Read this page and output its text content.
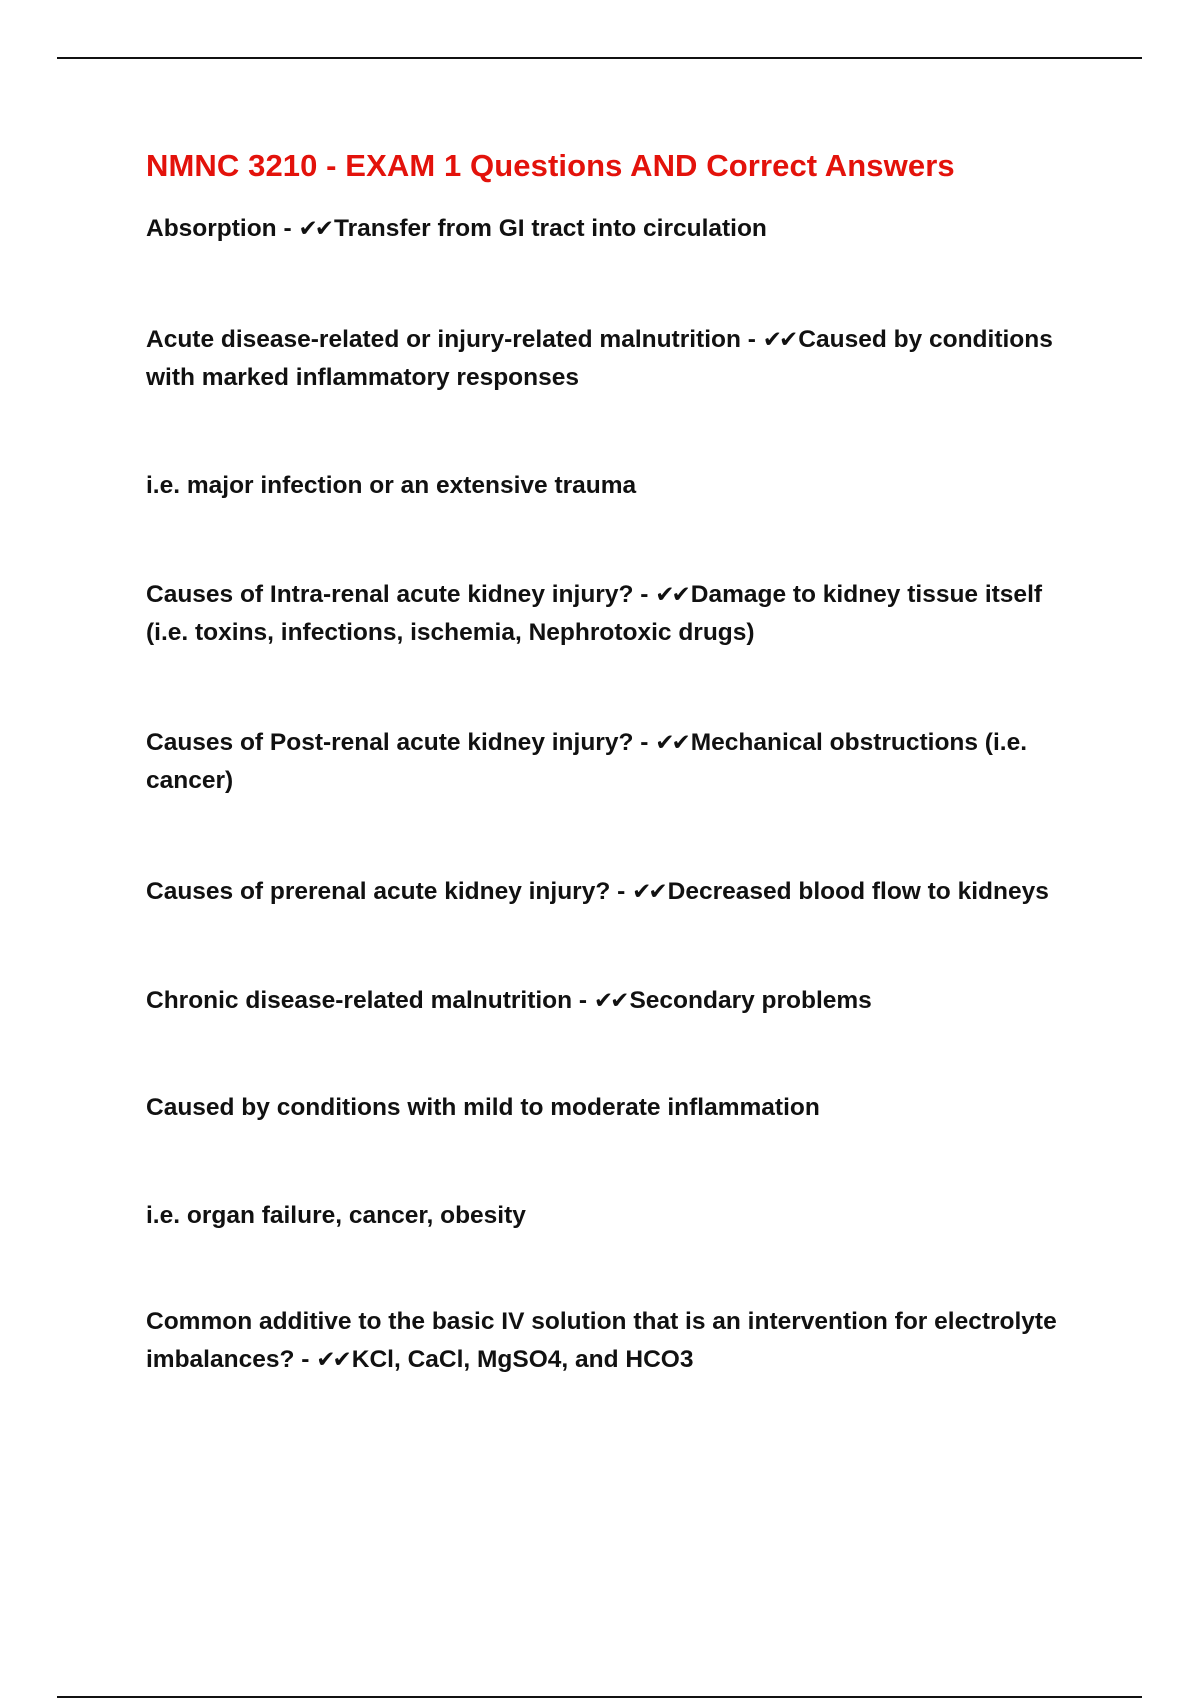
NMNC 3210 - EXAM 1 Questions AND Correct Answers

Absorption - ✔✔ Transfer from GI tract into circulation

Acute disease-related or injury-related malnutrition - ✔✔ Caused by conditions with marked inflammatory responses

i.e. major infection or an extensive trauma

Causes of Intra-renal acute kidney injury? - ✔✔ Damage to kidney tissue itself (i.e. toxins, infections, ischemia, Nephrotoxic drugs)

Causes of Post-renal acute kidney injury? - ✔✔ Mechanical obstructions (i.e. cancer)

Causes of prerenal acute kidney injury? - ✔✔ Decreased blood flow to kidneys

Chronic disease-related malnutrition - ✔✔ Secondary problems

Caused by conditions with mild to moderate inflammation

i.e. organ failure, cancer, obesity

Common additive to the basic IV solution that is an intervention for electrolyte imbalances? - ✔✔ KCl, CaCl, MgSO4, and HCO3
